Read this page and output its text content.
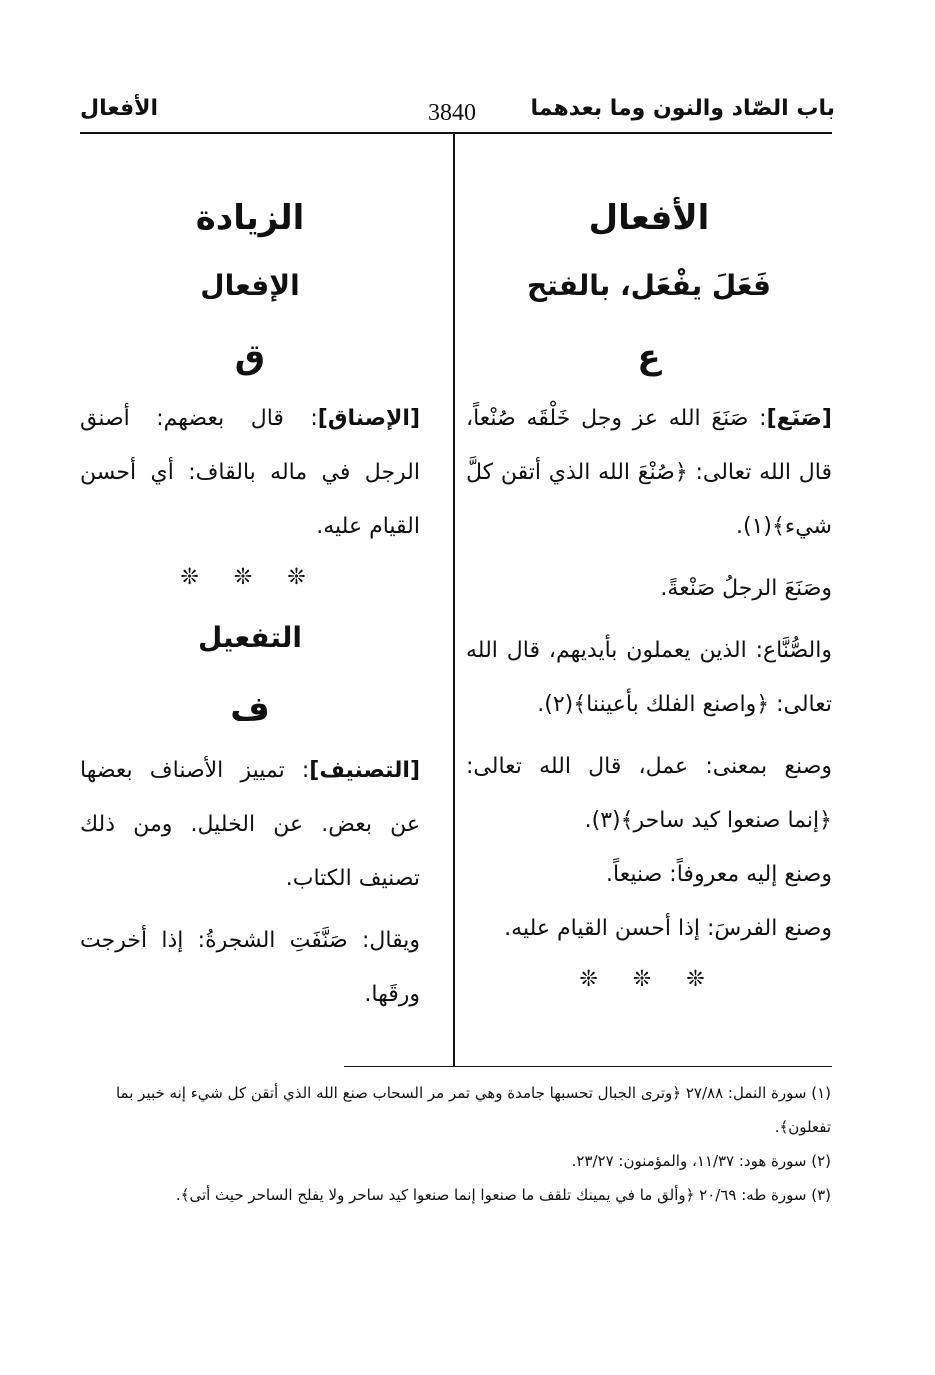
باب الصّاد والنون وما بعدهما
3840
الأفعال
الأفعال
فَعَلَ يفْعَل، بالفتح
ع

[صَنَع]: صَنَعَ الله عز وجل خَلْقَه صُنْعاً، قال الله تعالى: ﴿صُنْعَ الله الذي أتقن كلَّ شيء﴾(١).

وصَنَعَ الرجلُ صَنْعةً.

والصُّنَّاع: الذين يعملون بأيديهم، قال الله تعالى: ﴿واصنع الفلك بأعيننا﴾(٢).

وصنع بمعنى: عمل، قال الله تعالى: ﴿إنما صنعوا كيد ساحر﴾(٣).

وصنع إليه معروفاً: صنيعاً.

وصنع الفرسَ: إذا أحسن القيام عليه.

❊ ❊ ❊
الزيادة
الإفعال
ق

[الإصناق]: قال بعضهم: أصنق الرجل في ماله بالقاف: أي أحسن القيام عليه.

❊ ❊ ❊
التفعيل
ف

[التصنيف]: تمييز الأصناف بعضها عن بعض. عن الخليل. ومن ذلك تصنيف الكتاب.

ويقال: صَنَّفَتِ الشجرةُ: إذا أخرجت ورقَها.

(١) سورة النمل: ٢٧/٨٨ ﴿وترى الجبال تحسبها جامدة وهي تمر مر السحاب صنع الله الذي أتقن كل شيء إنه خبير بما تفعلون﴾.
(٢) سورة هود: ١١/٣٧، والمؤمنون: ٢٣/٢٧.
(٣) سورة طه: ٢٠/٦٩ ﴿وألق ما في يمينك تلقف ما صنعوا إنما صنعوا كيد ساحر ولا يفلح الساحر حيث أتى﴾.
